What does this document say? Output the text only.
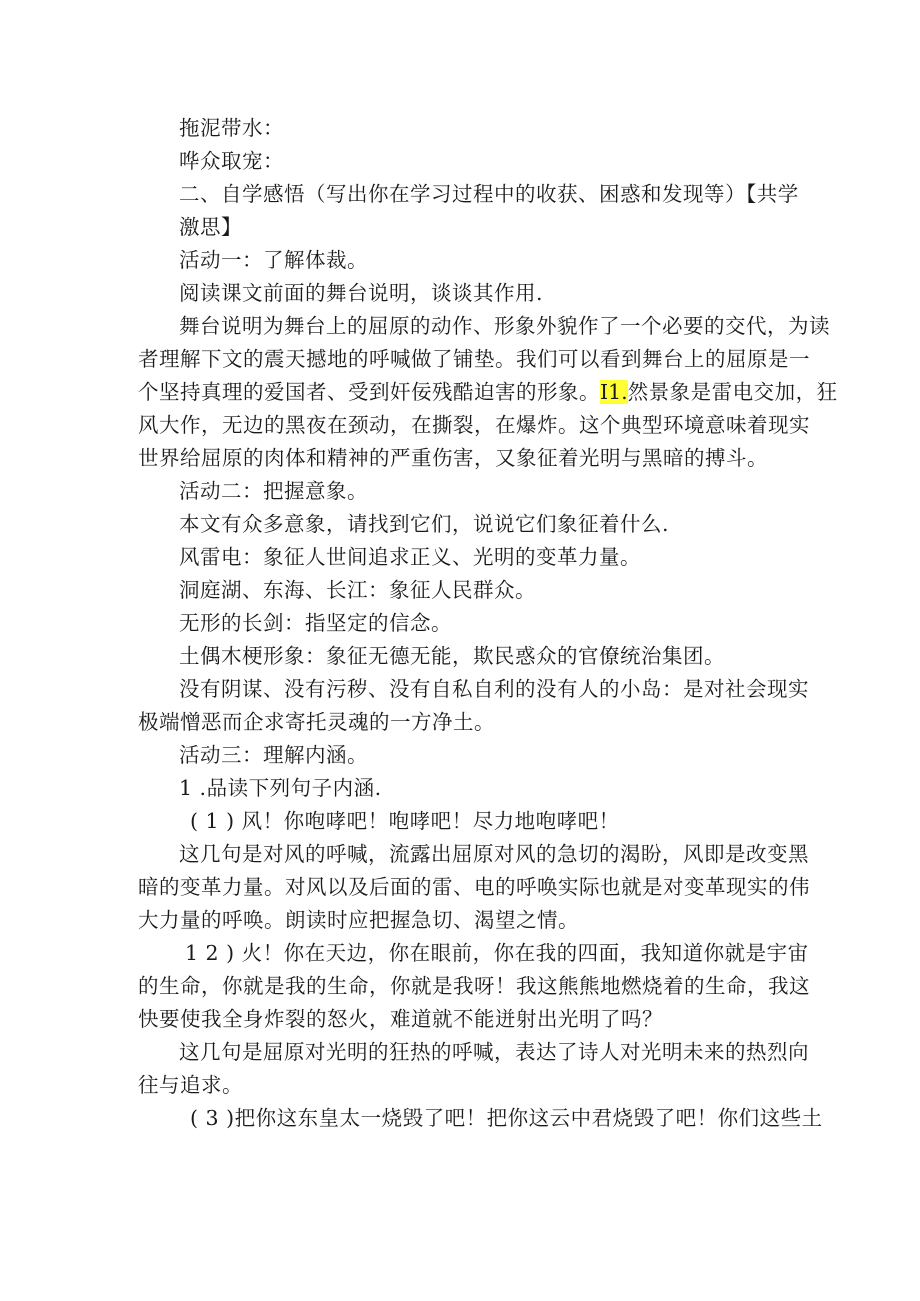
拖泥带水：
哗众取宠：
二、自学感悟（写出你在学习过程中的收获、困惑和发现等）【共学
激思】
活动一：了解体裁。
阅读课文前面的舞台说明，谈谈其作用.
舞台说明为舞台上的屈原的动作、形象外貌作了一个必要的交代，为读
者理解下文的震天撼地的呼喊做了铺垫。我们可以看到舞台上的屈原是一
个坚持真理的爱国者、受到奸佞残酷迫害的形象。I1.然景象是雷电交加，狂
风大作，无边的黑夜在颈动，在撕裂，在爆炸。这个典型环境意味着现实
世界给屈原的肉体和精神的严重伤害，又象征着光明与黑暗的搏斗。
活动二：把握意象。
本文有众多意象，请找到它们，说说它们象征着什么.
风雷电：象征人世间追求正义、光明的变革力量。
洞庭湖、东海、长江：象征人民群众。
无形的长剑：指坚定的信念。
土偶木梗形象：象征无德无能，欺民惑众的官僚统治集团。
没有阴谋、没有污秽、没有自私自利的没有人的小岛：是对社会现实
极端憎恶而企求寄托灵魂的一方净土。
活动三：理解内涵。
1 .品读下列句子内涵.
( 1 ) 风！你咆哮吧！咆哮吧！尽力地咆哮吧！
这几句是对风的呼喊，流露出屈原对风的急切的渴盼，风即是改变黑
暗的变革力量。对风以及后面的雷、电的呼唤实际也就是对变革现实的伟
大力量的呼唤。朗读时应把握急切、渴望之情。
1 2 ) 火！你在天边，你在眼前，你在我的四面，我知道你就是宇宙
的生命，你就是我的生命，你就是我呀！我这熊熊地燃烧着的生命，我这
快要使我全身炸裂的怒火，难道就不能迸射出光明了吗？
这几句是屈原对光明的狂热的呼喊，表达了诗人对光明未来的热烈向
往与追求。
( 3 )把你这东皇太一烧毁了吧！把你这云中君烧毁了吧！你们这些土
